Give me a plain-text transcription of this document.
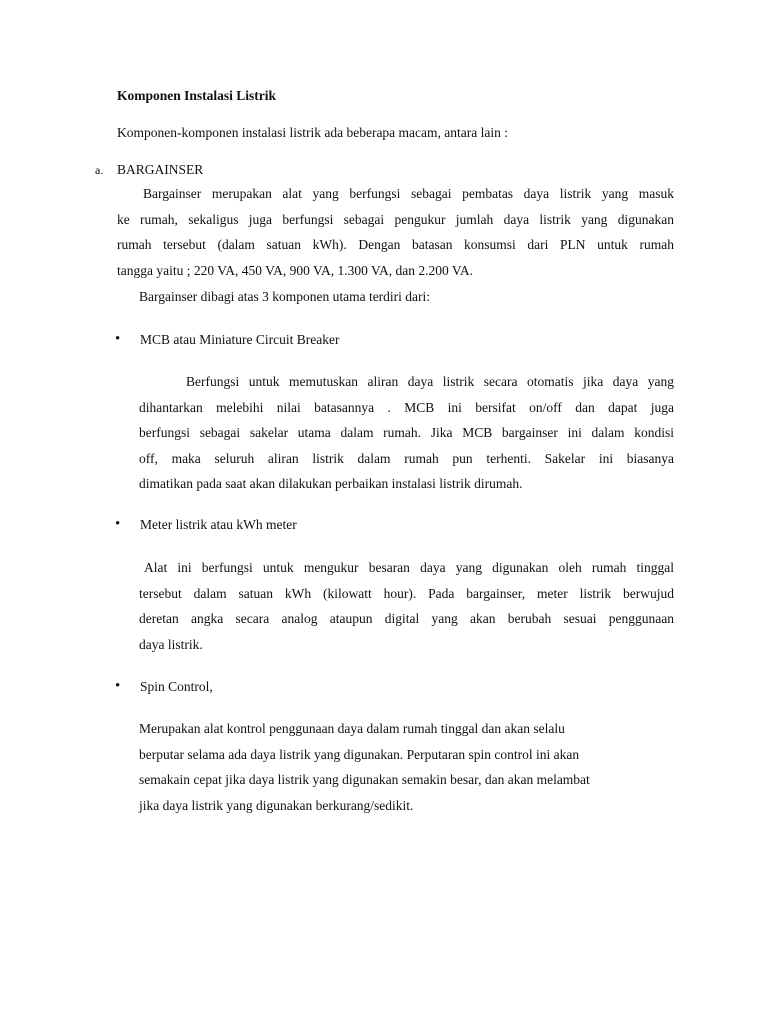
Komponen Instalasi Listrik
Komponen-komponen instalasi listrik ada beberapa macam, antara lain :
a. BARGAINSER
Bargainser merupakan alat yang berfungsi sebagai pembatas daya listrik yang masuk
ke rumah, sekaligus juga berfungsi sebagai pengukur jumlah daya listrik yang digunakan
rumah tersebut (dalam satuan kWh). Dengan batasan konsumsi dari PLN untuk rumah
tangga yaitu ; 220 VA, 450 VA, 900 VA, 1.300 VA, dan 2.200 VA.
Bargainser dibagi atas 3 komponen utama terdiri dari:
• MCB atau Miniature Circuit Breaker
Berfungsi untuk memutuskan aliran daya listrik secara otomatis jika daya yang
dihantarkan melebihi nilai batasannya . MCB ini bersifat on/off dan dapat juga
berfungsi sebagai sakelar utama dalam rumah. Jika MCB bargainser ini dalam kondisi
off, maka seluruh aliran listrik dalam rumah pun terhenti. Sakelar ini biasanya
dimatikan pada saat akan dilakukan perbaikan instalasi listrik dirumah.
• Meter listrik atau kWh meter
Alat ini berfungsi untuk mengukur besaran daya yang digunakan oleh rumah tinggal
tersebut dalam satuan kWh (kilowatt hour). Pada bargainser, meter listrik berwujud
deretan angka secara analog ataupun digital yang akan berubah sesuai penggunaan
daya listrik.
• Spin Control,
Merupakan alat kontrol penggunaan daya dalam rumah tinggal dan akan selalu
berputar selama ada daya listrik yang digunakan. Perputaran spin control ini akan
semakain cepat jika daya listrik yang digunakan semakin besar, dan akan melambat
jika daya listrik yang digunakan berkurang/sedikit.
